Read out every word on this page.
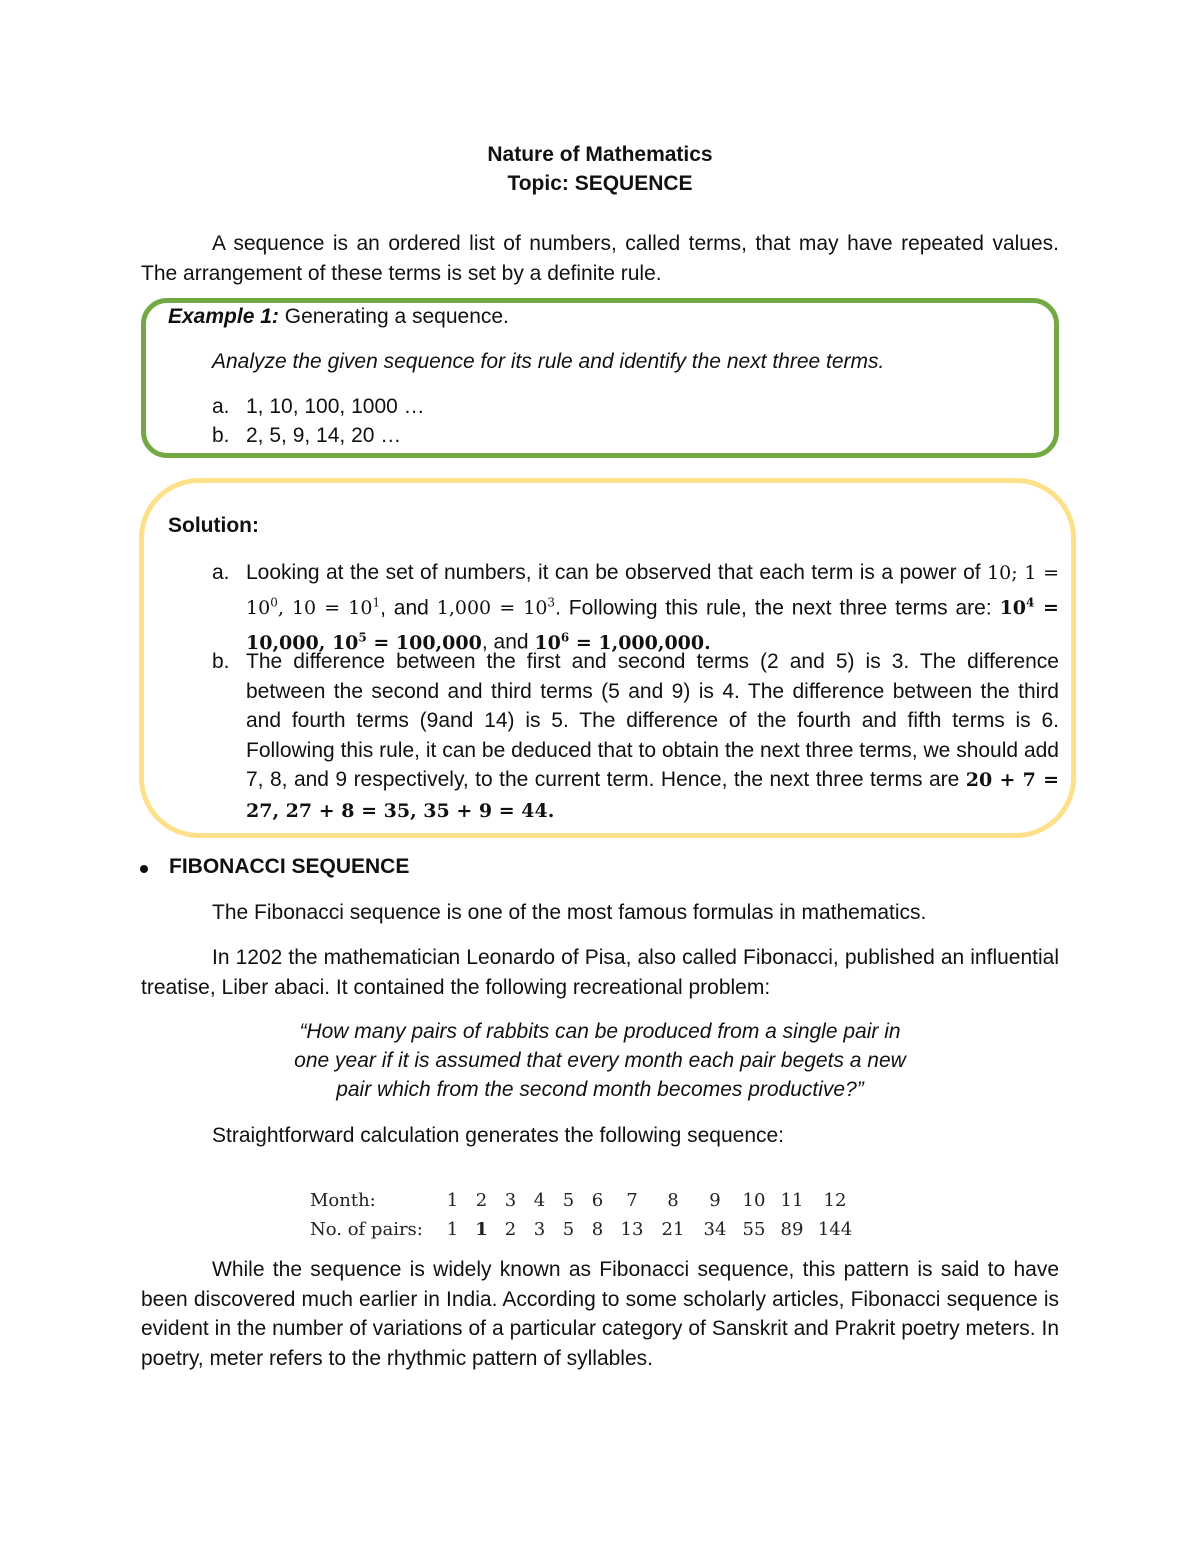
Nature of Mathematics
Topic: SEQUENCE
A sequence is an ordered list of numbers, called terms, that may have repeated values. The arrangement of these terms is set by a definite rule.
Example 1: Generating a sequence.
Analyze the given sequence for its rule and identify the next three terms.
a. 1, 10, 100, 1000 …
b. 2, 5, 9, 14, 20 …
Solution:
a. Looking at the set of numbers, it can be observed that each term is a power of 10; $1 = 10^0$, $10 = 10^1$, and $1,000 = 10^3$. Following this rule, the next three terms are: $10^4 = 10,000$, $10^5 = 100,000$, and $10^6 = 1,000,000$.
b. The difference between the first and second terms (2 and 5) is 3. The difference between the second and third terms (5 and 9) is 4. The difference between the third and fourth terms (9and 14) is 5. The difference of the fourth and fifth terms is 6. Following this rule, it can be deduced that to obtain the next three terms, we should add 7, 8, and 9 respectively, to the current term. Hence, the next three terms are 20 + 7 = 27, 27 + 8 = 35, 35 + 9 = 44.
FIBONACCI SEQUENCE
The Fibonacci sequence is one of the most famous formulas in mathematics.
In 1202 the mathematician Leonardo of Pisa, also called Fibonacci, published an influential treatise, Liber abaci. It contained the following recreational problem:
“How many pairs of rabbits can be produced from a single pair in
one year if it is assumed that every month each pair begets a new
pair which from the second month becomes productive?”
Straightforward calculation generates the following sequence:
Month:	1	2	3	4	5	6	7	8	9	10	11	12
No. of pairs:	1	1	2	3	5	8	13	21	34	55	89	144
While the sequence is widely known as Fibonacci sequence, this pattern is said to have been discovered much earlier in India. According to some scholarly articles, Fibonacci sequence is evident in the number of variations of a particular category of Sanskrit and Prakrit poetry meters. In poetry, meter refers to the rhythmic pattern of syllables.
